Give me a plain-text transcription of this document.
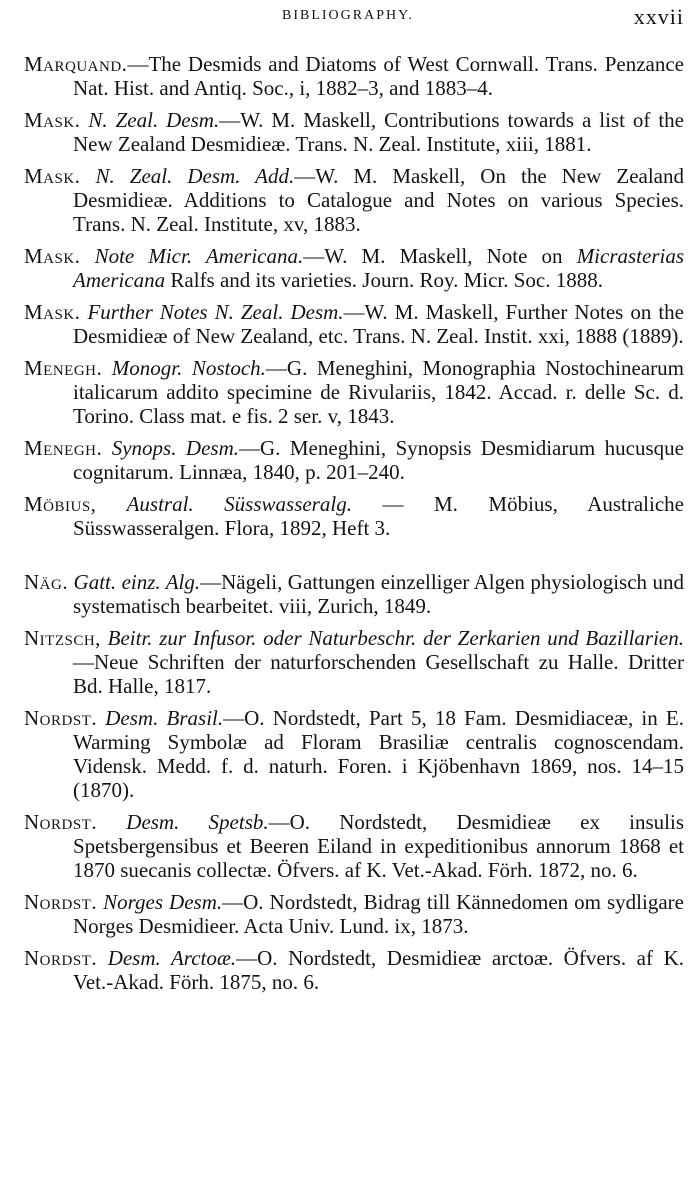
BIBLIOGRAPHY.	xxvii

Marquand.—The Desmids and Diatoms of West Cornwall. Trans. Penzance Nat. Hist. and Antiq. Soc., i, 1882–3, and 1883–4.

Mask. N. Zeal. Desm.—W. M. Maskell, Contributions towards a list of the New Zealand Desmidieæ. Trans. N. Zeal. Institute, xiii, 1881.

Mask. N. Zeal. Desm. Add.—W. M. Maskell, On the New Zealand Desmidieæ. Additions to Catalogue and Notes on various Species. Trans. N. Zeal. Institute, xv, 1883.

Mask. Note Micr. Americana.—W. M. Maskell, Note on Micrasterias Americana Ralfs and its varieties. Journ. Roy. Micr. Soc. 1888.

Mask. Further Notes N. Zeal. Desm.—W. M. Maskell, Further Notes on the Desmidieæ of New Zealand, etc. Trans. N. Zeal. Instit. xxi, 1888 (1889).

Menegh. Monogr. Nostoch.—G. Meneghini, Monographia Nostochinearum italicarum addito specimine de Rivulariis, 1842. Accad. r. delle Sc. d. Torino. Class mat. e fis. 2 ser. v, 1843.

Menegh. Synops. Desm.—G. Meneghini, Synopsis Desmidiarum hucusque cognitarum. Linnæa, 1840, p. 201–240.

Möbius, Austral. Süsswasseralg. — M. Möbius, Australiche Süsswasseralgen. Flora, 1892, Heft 3.

Näg. Gatt. einz. Alg.—Nägeli, Gattungen einzelliger Algen physiologisch und systematisch bearbeitet. viii, Zurich, 1849.

Nitzsch, Beitr. zur Infusor. oder Naturbeschr. der Zerkarien und Bazillarien.—Neue Schriften der naturforschenden Gesellschaft zu Halle. Dritter Bd. Halle, 1817.

Nordst. Desm. Brasil.—O. Nordstedt, Part 5, 18 Fam. Desmidiaceæ, in E. Warming Symbolæ ad Floram Brasiliæ centralis cognoscendam. Vidensk. Medd. f. d. naturh. Foren. i Kjöbenhavn 1869, nos. 14–15 (1870).

Nordst. Desm. Spetsb.—O. Nordstedt, Desmidieæ ex insulis Spetsbergensibus et Beeren Eiland in expeditionibus annorum 1868 et 1870 suecanis collectæ. Öfvers. af K. Vet.-Akad. Förh. 1872, no. 6.

Nordst. Norges Desm.—O. Nordstedt, Bidrag till Kännedomen om sydligare Norges Desmidieer. Acta Univ. Lund. ix, 1873.

Nordst. Desm. Arctoæ.—O. Nordstedt, Desmidieæ arctoæ. Öfvers. af K. Vet.-Akad. Förh. 1875, no. 6.
